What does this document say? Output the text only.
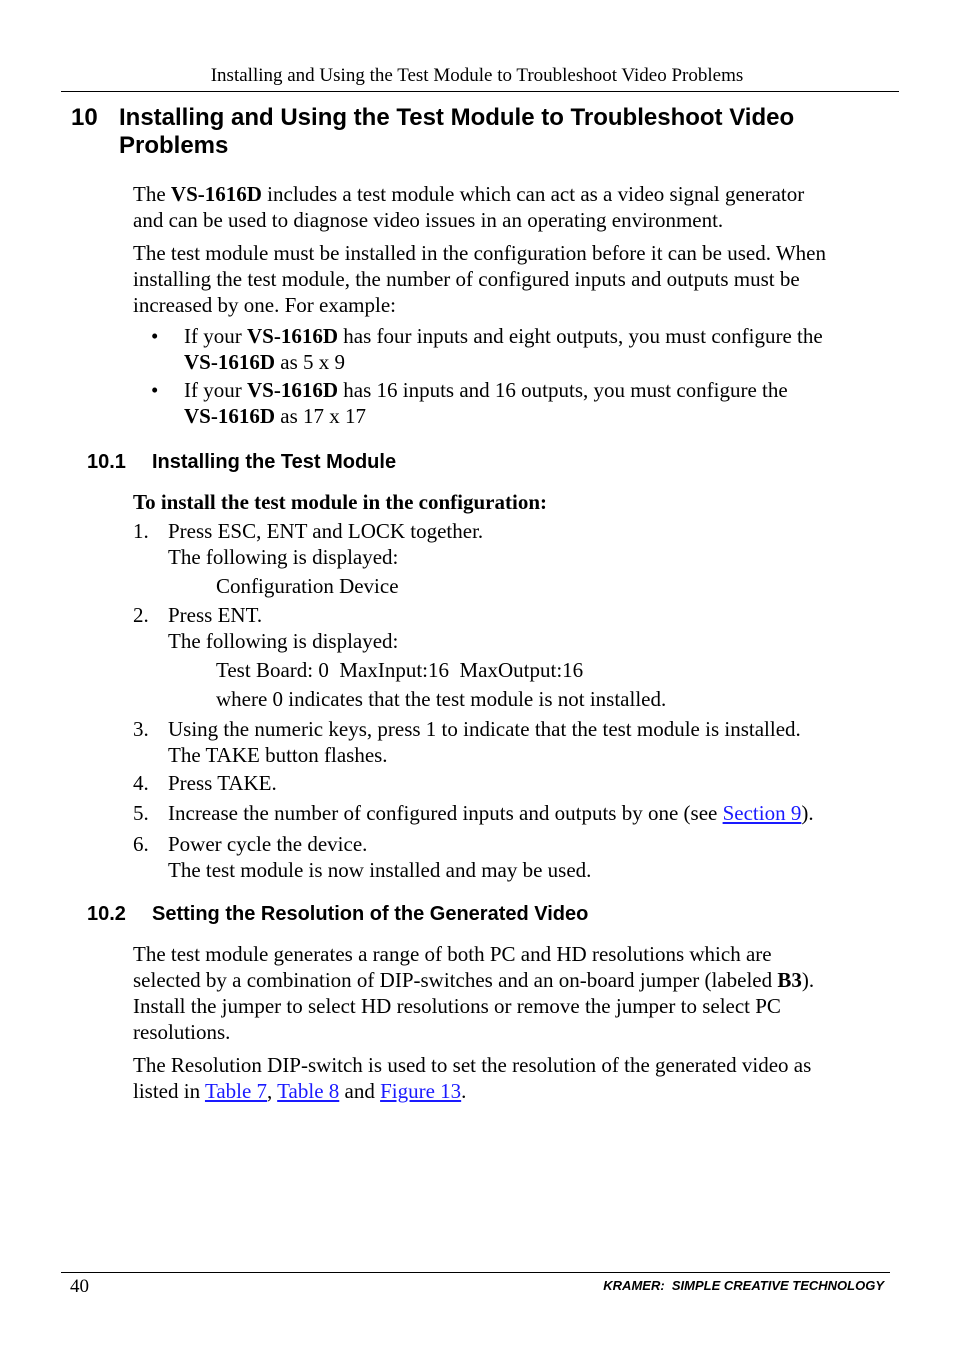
Installing and Using the Test Module to Troubleshoot Video Problems
10 Installing and Using the Test Module to Troubleshoot Video
Problems
The VS-1616D includes a test module which can act as a video signal generator
and can be used to diagnose video issues in an operating environment.
The test module must be installed in the configuration before it can be used. When
installing the test module, the number of configured inputs and outputs must be
increased by one. For example:
• If your VS-1616D has four inputs and eight outputs, you must configure the
VS-1616D as 5 x 9
• If your VS-1616D has 16 inputs and 16 outputs, you must configure the
VS-1616D as 17 x 17
10.1 Installing the Test Module
To install the test module in the configuration:
1. Press ESC, ENT and LOCK together.
The following is displayed:
Configuration Device
2. Press ENT.
The following is displayed:
Test Board: 0  MaxInput:16  MaxOutput:16
where 0 indicates that the test module is not installed.
3. Using the numeric keys, press 1 to indicate that the test module is installed.
The TAKE button flashes.
4. Press TAKE.
5. Increase the number of configured inputs and outputs by one (see Section 9).
6. Power cycle the device.
The test module is now installed and may be used.
10.2 Setting the Resolution of the Generated Video
The test module generates a range of both PC and HD resolutions which are
selected by a combination of DIP-switches and an on-board jumper (labeled B3).
Install the jumper to select HD resolutions or remove the jumper to select PC
resolutions.
The Resolution DIP-switch is used to set the resolution of the generated video as
listed in Table 7, Table 8 and Figure 13.
40	KRAMER:  SIMPLE CREATIVE TECHNOLOGY
